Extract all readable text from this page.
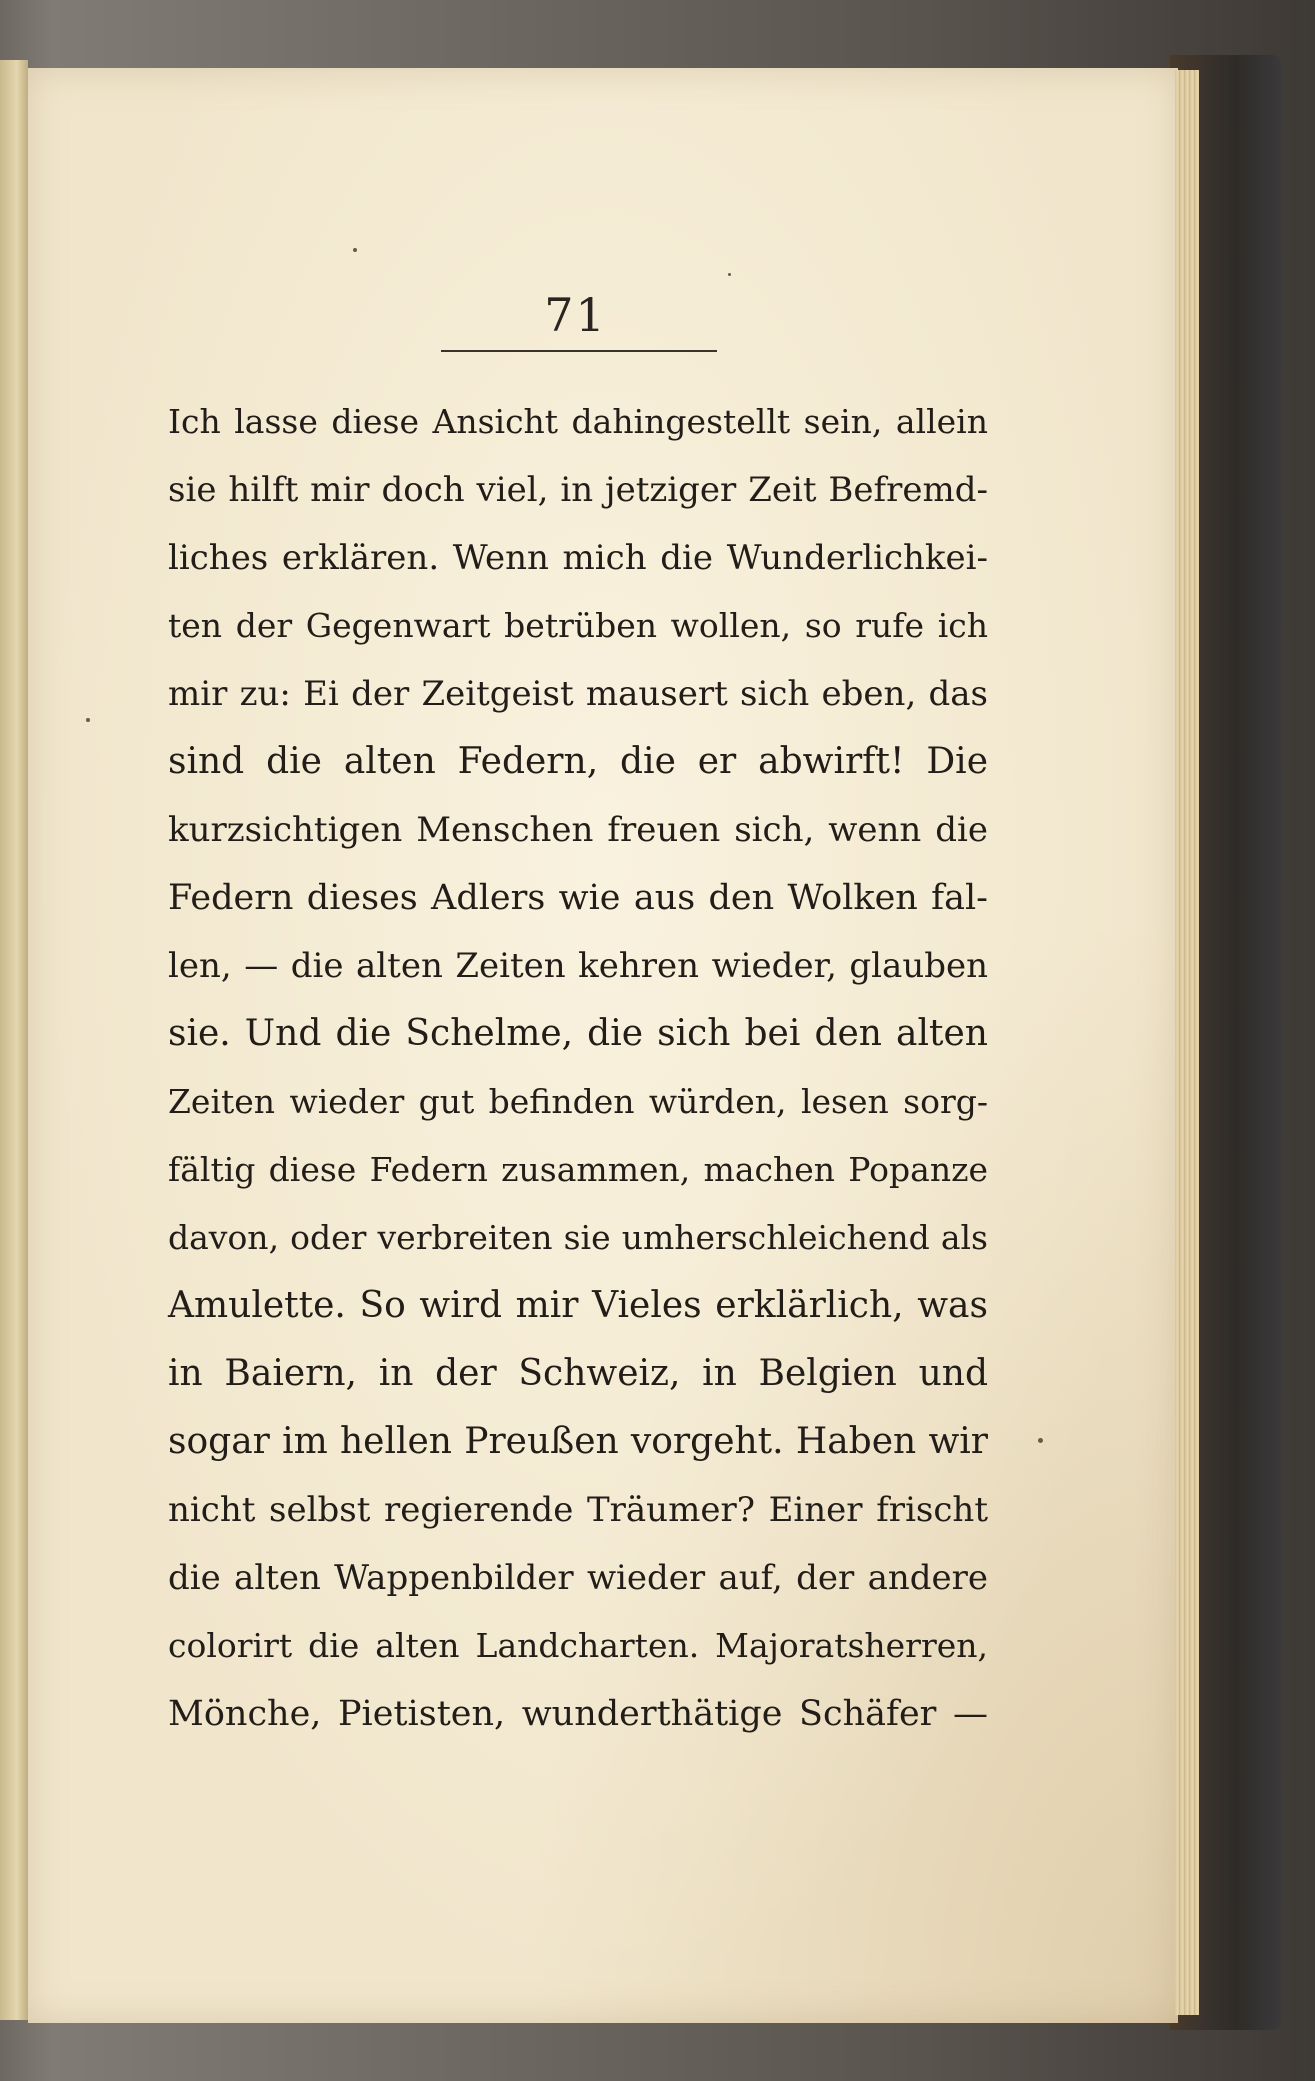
71
Ich lasse diese Ansicht dahingestellt sein, allein
sie hilft mir doch viel, in jetziger Zeit Befremd-
liches erklären. Wenn mich die Wunderlichkei-
ten der Gegenwart betrüben wollen, so rufe ich
mir zu: Ei der Zeitgeist mausert sich eben, das
sind die alten Federn, die er abwirft! Die
kurzsichtigen Menschen freuen sich, wenn die
Federn dieses Adlers wie aus den Wolken fal-
len, — die alten Zeiten kehren wieder, glauben
sie. Und die Schelme, die sich bei den alten
Zeiten wieder gut befinden würden, lesen sorg-
fältig diese Federn zusammen, machen Popanze
davon, oder verbreiten sie umherschleichend als
Amulette. So wird mir Vieles erklärlich, was
in Baiern, in der Schweiz, in Belgien und
sogar im hellen Preußen vorgeht. Haben wir
nicht selbst regierende Träumer? Einer frischt
die alten Wappenbilder wieder auf, der andere
colorirt die alten Landcharten. Majoratsherren,
Mönche, Pietisten, wunderthätige Schäfer —
